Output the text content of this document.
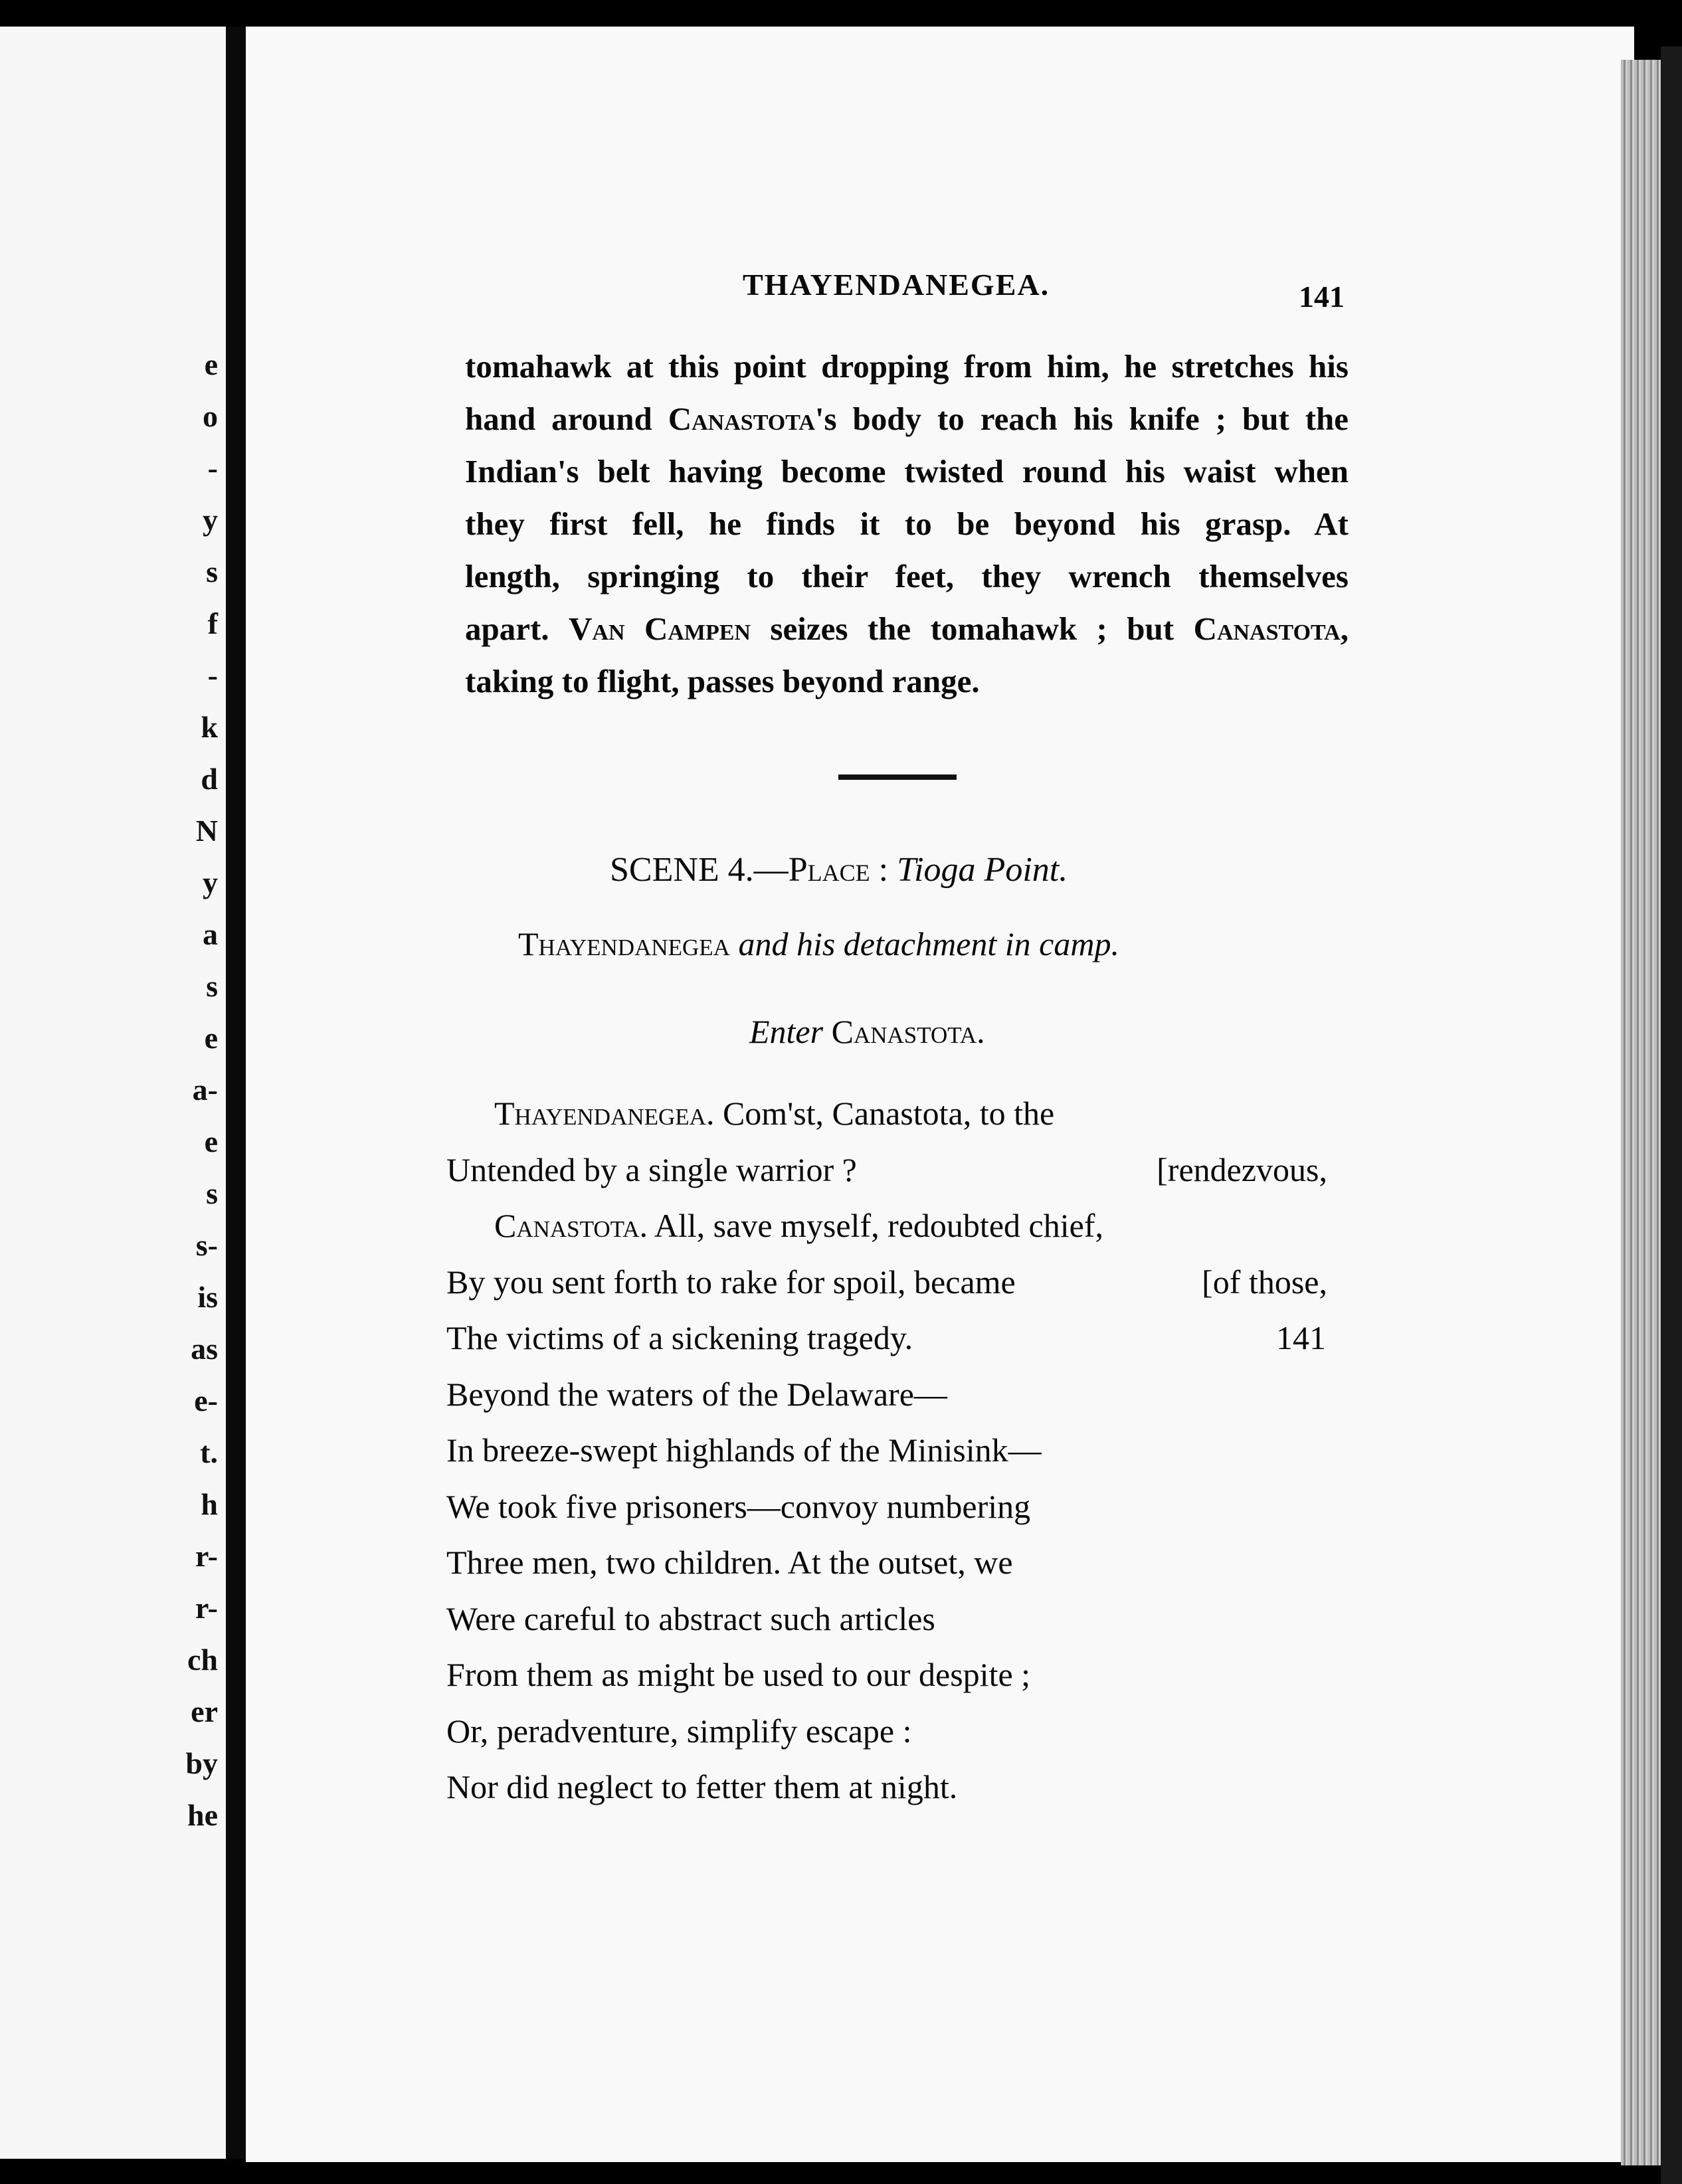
e
o
-
y
s
f
-
k
d
N
y
a
s
e
a-
e
s
s-
is
as
e-
t.
h
r-
r-
ch
er
by
he
THAYENDANEGEA.	141
tomahawk at this point dropping from him, he stretches his
hand around Canastota's body to reach his knife ; but the
Indian's belt having become twisted round his waist when
they first fell, he finds it to be beyond his grasp. At
length, springing to their feet, they wrench themselves
apart. Van Campen seizes the tomahawk ; but Canastota,
taking to flight, passes beyond range.
SCENE 4.—Place : Tioga Point.
Thayendanegea and his detachment in camp.
Enter Canastota.
Thayendanegea. Com'st, Canastota, to the
Untended by a single warrior ?	[rendezvous,
Canastota. All, save myself, redoubted chief,
By you sent forth to rake for spoil, became	[of those,
The victims of a sickening tragedy.	141
Beyond the waters of the Delaware—
In breeze-swept highlands of the Minisink—
We took five prisoners—convoy numbering
Three men, two children. At the outset, we
Were careful to abstract such articles
From them as might be used to our despite ;
Or, peradventure, simplify escape :
Nor did neglect to fetter them at night.
